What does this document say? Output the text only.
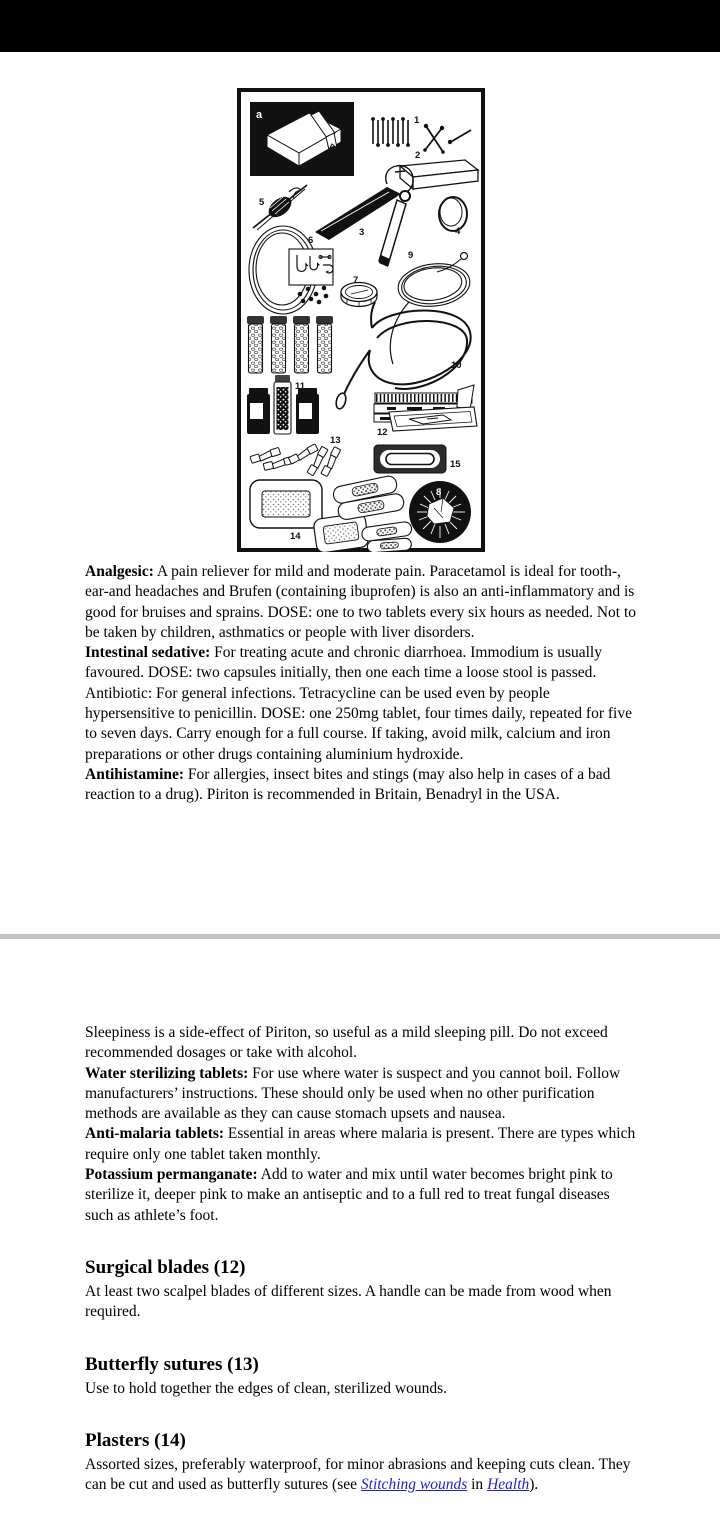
a	1
2
3	4
5
6
7
8
9
10
11
12
13
14
15

Analgesic: A pain reliever for mild and moderate pain. Paracetamol is ideal for tooth-, ear-and headaches and Brufen (containing ibuprofen) is also an anti-inflammatory and is good for bruises and sprains. DOSE: one to two tablets every six hours as needed. Not to be taken by children, asthmatics or people with liver disorders.

Intestinal sedative: For treating acute and chronic diarrhoea. Immodium is usually favoured. DOSE: two capsules initially, then one each time a loose stool is passed. Antibiotic: For general infections. Tetracycline can be used even by people hypersensitive to penicillin. DOSE: one 250mg tablet, four times daily, repeated for five to seven days. Carry enough for a full course. If taking, avoid milk, calcium and iron preparations or other drugs containing aluminium hydroxide.

Antihistamine: For allergies, insect bites and stings (may also help in cases of a bad reaction to a drug). Piriton is recommended in Britain, Benadryl in the USA.

Sleepiness is a side-effect of Piriton, so useful as a mild sleeping pill. Do not exceed recommended dosages or take with alcohol.

Water sterilizing tablets: For use where water is suspect and you cannot boil. Follow manufacturers’ instructions. These should only be used when no other purification methods are available as they can cause stomach upsets and nausea.

Anti-malaria tablets: Essential in areas where malaria is present. There are types which require only one tablet taken monthly.

Potassium permanganate: Add to water and mix until water becomes bright pink to sterilize it, deeper pink to make an antiseptic and to a full red to treat fungal diseases such as athlete’s foot.

Surgical blades (12)

At least two scalpel blades of different sizes. A handle can be made from wood when required.

Butterfly sutures (13)

Use to hold together the edges of clean, sterilized wounds.

Plasters (14)

Assorted sizes, preferably waterproof, for minor abrasions and keeping cuts clean. They can be cut and used as butterfly sutures (see Stitching wounds in Health).
